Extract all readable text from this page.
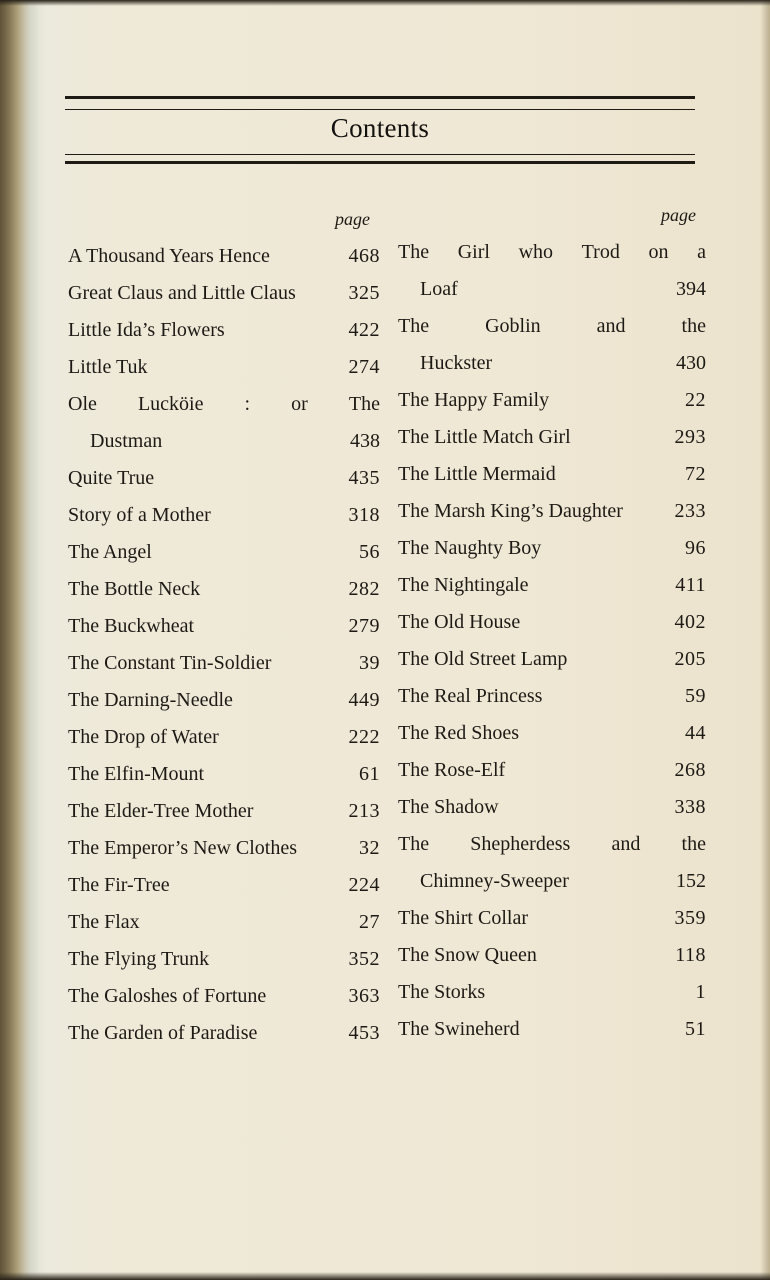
Contents
page
A Thousand Years Hence	468
Great Claus and Little Claus	325
Little Ida’s Flowers	422
Little Tuk	274
Ole Lucköie : or The
Dustman	438
Quite True	435
Story of a Mother	318
The Angel	56
The Bottle Neck	282
The Buckwheat	279
The Constant Tin-Soldier	39
The Darning-Needle	449
The Drop of Water	222
The Elfin-Mount	61
The Elder-Tree Mother	213
The Emperor’s New Clothes	32
The Fir-Tree	224
The Flax	27
The Flying Trunk	352
The Galoshes of Fortune	363
The Garden of Paradise	453
page
The Girl who Trod on a
Loaf	394
The	Goblin	and	the
Huckster	430
The Happy Family	22
The Little Match Girl	293
The Little Mermaid	72
The Marsh King’s Daughter	233
The Naughty Boy	96
The Nightingale	411
The Old House	402
The Old Street Lamp	205
The Real Princess	59
The Red Shoes	44
The Rose-Elf	268
The Shadow	338
The Shepherdess and the
Chimney-Sweeper	152
The Shirt Collar	359
The Snow Queen	118
The Storks	1
The Swineherd	51
